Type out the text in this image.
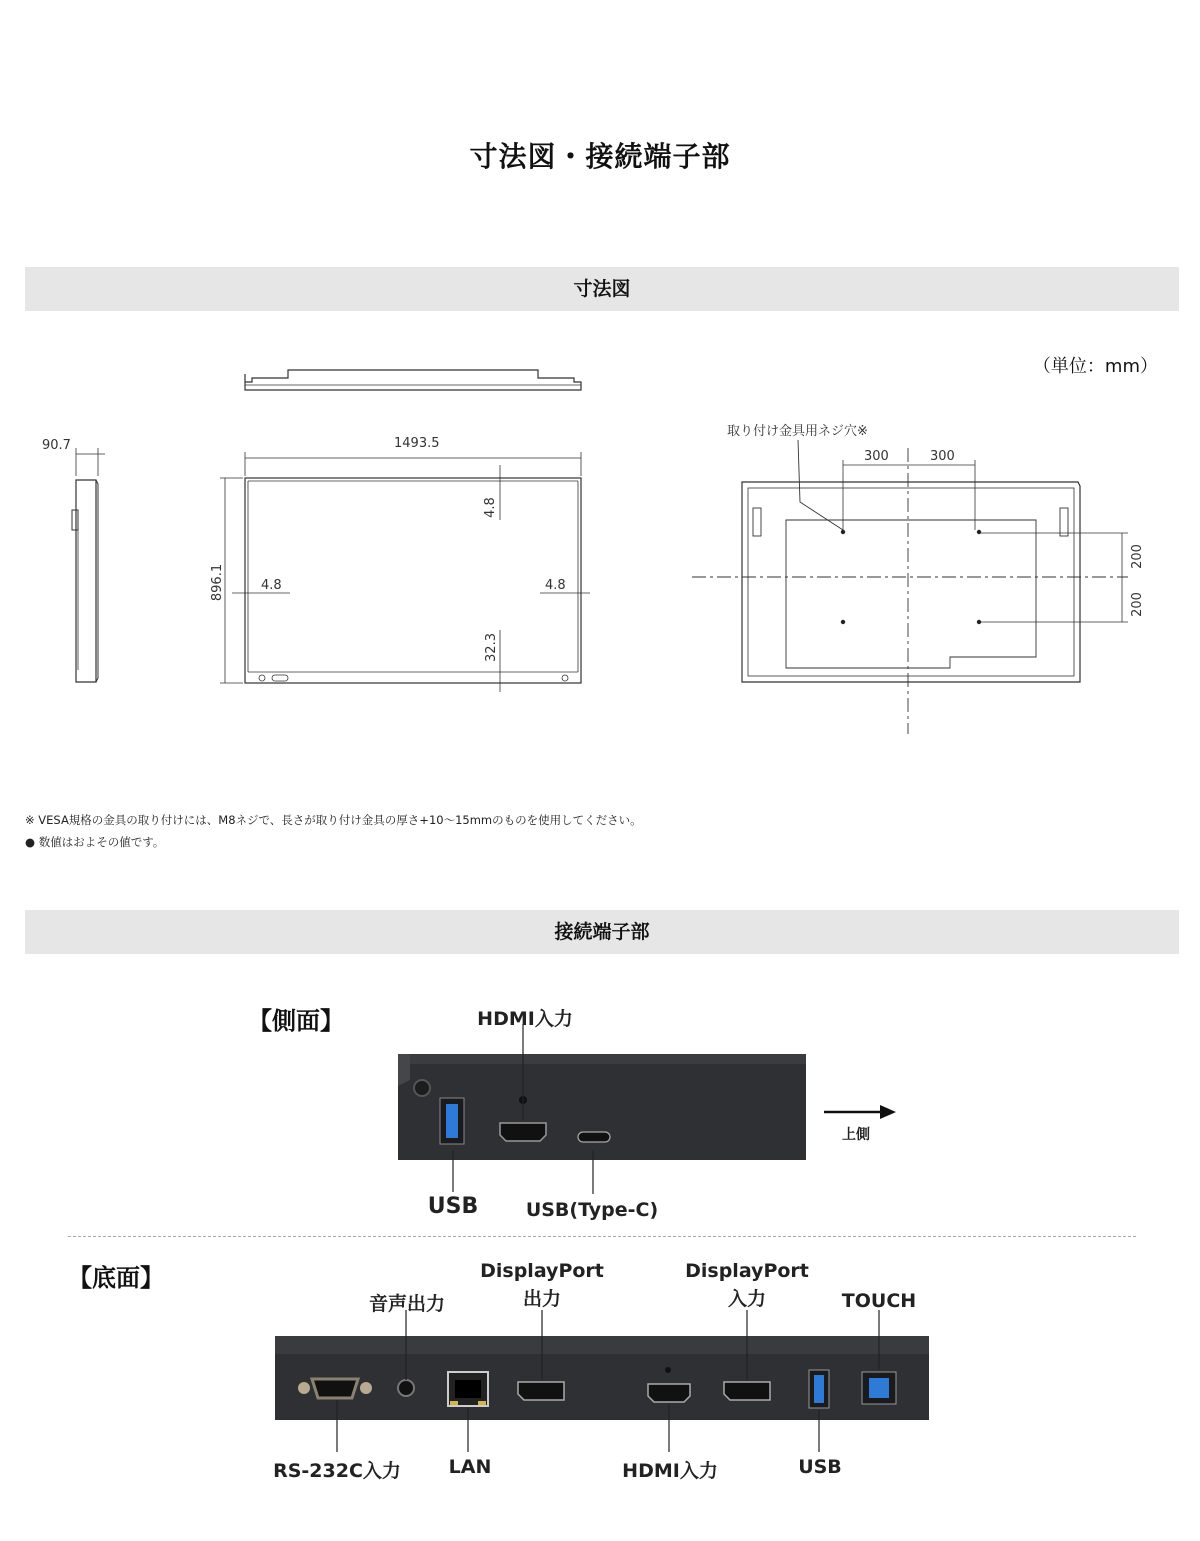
寸法図・接続端子部
寸法図
（単位：mm）
90.7	1493.5
896.1
4.8
4.8	4.8
32.3
取り付け金具用ネジ穴※
300	300
200
200
※ VESA規格の金具の取り付けには、M8ネジで、長さが取り付け金具の厚さ+10〜15mmのものを使用してください。
● 数値はおよその値です。
接続端子部
【側面】	HDMI入力
USB	USB(Type-C)
上側
【底面】
音声出力
DisplayPort
出力
DisplayPort
入力	TOUCH
RS-232C入力	LAN	HDMI入力	USB
